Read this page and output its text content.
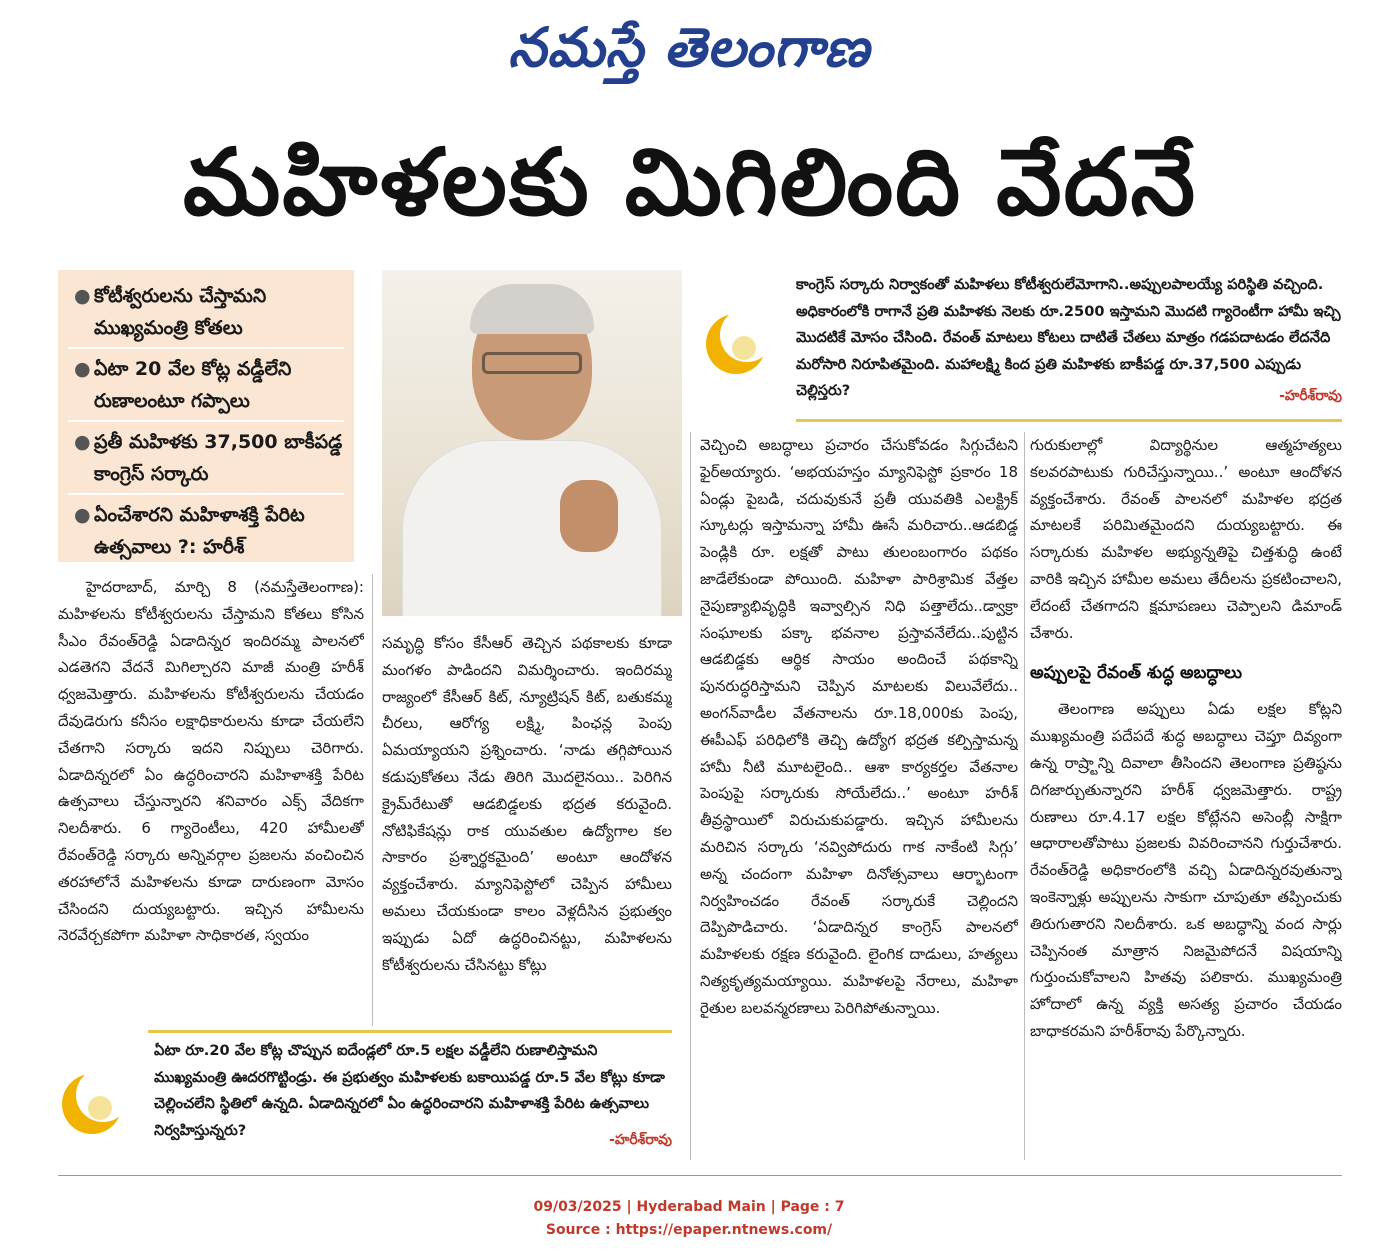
నమస్తే తెలంగాణ
మహిళలకు మిగిలింది వేదనే
● కోటీశ్వరులను చేస్తామని ముఖ్యమంత్రి కోతలు
● ఏటా 20 వేల కోట్ల వడ్డీలేని రుణాలంటూ గప్పాలు
● ప్రతీ మహిళకు 37,500 బాకీపడ్డ కాంగ్రెస్ సర్కారు
● ఏంచేశారని మహిళాశక్తి పేరిట ఉత్సవాలు ?: హరీశ్
కాంగ్రెస్ సర్కారు నిర్వాకంతో మహిళలు కోటీశ్వరులేమోగాని..అప్పులపాలయ్యే పరిస్థితి వచ్చింది. అధికారంలోకి రాగానే ప్రతి మహిళకు నెలకు రూ.2500 ఇస్తామని మొదటి గ్యారెంటీగా హామీ ఇచ్చి మొదటికే మోసం చేసింది. రేవంత్ మాటలు కోటలు దాటితే చేతలు మాత్రం గడపదాటడం లేదనేది మరోసారి నిరూపితమైంది. మహాలక్ష్మి కింద ప్రతి మహిళకు బాకీపడ్డ రూ.37,500 ఎప్పుడు చెల్లిస్తరు?	-హరీశ్‌రావు

హైదరాబాద్, మార్చి 8 (నమస్తేతెలంగాణ): మహిళలను కోటీశ్వరులను చేస్తామని కోతలు కోసిన సీఎం రేవంత్‌రెడ్డి ఏడాదిన్నర ఇందిరమ్మ పాలనలో ఎడతెగని వేదనే మిగిల్చారని మాజీ మంత్రి హరీశ్ ధ్వజమెత్తారు. మహిళలను కోటీశ్వరులను చేయడం దేవుడెరుగు కనీసం లక్షాధికారులను కూడా చేయలేని చేతగాని సర్కారు ఇదని నిప్పులు చెరిగారు. ఏడాదిన్నరలో ఏం ఉద్ధరించారని మహిళాశక్తి పేరిట ఉత్సవాలు చేస్తున్నారని శనివారం ఎక్స్ వేదికగా నిలదీశారు. 6 గ్యారెంటీలు, 420 హామీలతో రేవంత్‌రెడ్డి సర్కారు అన్నివర్గాల ప్రజలను వంచించిన తరహాలోనే మహిళలను కూడా దారుణంగా మోసం చేసిందని దుయ్యబట్టారు. ఇచ్చిన హామీలను నెరవేర్చకపోగా మహిళా సాధికారత, స్వయం

సమృద్ధి కోసం కేసీఆర్ తెచ్చిన పథకాలకు కూడా మంగళం పాడిందని విమర్శించారు. ఇందిరమ్మ రాజ్యంలో కేసీఆర్ కిట్, న్యూట్రిషన్ కిట్, బతుకమ్మ చీరలు, ఆరోగ్య లక్ష్మి, పింఛన్ల పెంపు ఏమయ్యాయని ప్రశ్నించారు. ‘నాడు తగ్గిపోయిన కడుపుకోతలు నేడు తిరిగి మొదలైనయి.. పెరిగిన క్రైమ్‌రేటుతో ఆడబిడ్డలకు భద్రత కరువైంది. నోటిఫికేషన్లు రాక యువతుల ఉద్యోగాల కల సాకారం ప్రశ్నార్థకమైంది’ అంటూ ఆందోళన వ్యక్తంచేశారు. మ్యానిఫెస్టోలో చెప్పిన హామీలు అమలు చేయకుండా కాలం వెళ్లదీసిన ప్రభుత్వం ఇప్పుడు ఏదో ఉద్ధరించినట్టు, మహిళలను కోటీశ్వరులను చేసినట్టు కోట్లు

వెచ్చించి అబద్ధాలు ప్రచారం చేసుకోవడం సిగ్గుచేటని ఫైర్‌అయ్యారు. ‘అభయహస్తం మ్యానిఫెస్టో ప్రకారం 18 ఏండ్లు పైబడి, చదువుకునే ప్రతీ యువతికి ఎలక్ట్రిక్ స్కూటర్లు ఇస్తామన్నా హామీ ఊసే మరిచారు..ఆడబిడ్డ పెండ్లికి రూ. లక్షతో పాటు తులంబంగారం పథకం జాడేలేకుండా పోయింది. మహిళా పారిశ్రామిక వేత్తల నైపుణ్యాభివృద్ధికి ఇవ్వాల్సిన నిధి పత్తాలేదు..డ్వాక్రా సంఘాలకు పక్కా భవనాల ప్రస్తావనేలేదు..పుట్టిన ఆడబిడ్డకు ఆర్థిక సాయం అందించే పథకాన్ని పునరుద్ధరిస్తామని చెప్పిన మాటలకు విలువేలేదు.. అంగన్‌వాడీల వేతనాలను రూ.18,000కు పెంపు, ఈపీఎఫ్ పరిధిలోకి తెచ్చి ఉద్యోగ భద్రత కల్పిస్తామన్న హామీ నీటి మూటలైంది.. ఆశా కార్యకర్తల వేతనాల పెంపుపై సర్కారుకు సోయేలేదు..’ అంటూ హరీశ్ తీవ్రస్థాయిలో విరుచుకుపడ్డారు. ఇచ్చిన హామీలను మరిచిన సర్కారు ‘నవ్విపోదురు గాక నాకేంటి సిగ్గు’ అన్న చందంగా మహిళా దినోత్సవాలు ఆర్భాటంగా నిర్వహించడం రేవంత్ సర్కారుకే చెల్లిందని దెప్పిపొడిచారు. ‘ఏడాదిన్నర కాంగ్రెస్ పాలనలో మహిళలకు రక్షణ కరువైంది. లైంగిక దాడులు, హత్యలు నిత్యకృత్యమయ్యాయి. మహిళలపై నేరాలు, మహిళా రైతుల బలవన్మరణాలు పెరిగిపోతున్నాయి.

గురుకులాల్లో విద్యార్థినుల ఆత్మహత్యలు కలవరపాటుకు గురిచేస్తున్నాయి..’ అంటూ ఆందోళన వ్యక్తంచేశారు. రేవంత్ పాలనలో మహిళల భద్రత మాటలకే పరిమితమైందని దుయ్యబట్టారు. ఈ సర్కారుకు మహిళల అభ్యున్నతిపై చిత్తశుద్ధి ఉంటే వారికి ఇచ్చిన హామీల అమలు తేదీలను ప్రకటించాలని, లేదంటే చేతగాదని క్షమాపణలు చెప్పాలని డిమాండ్ చేశారు.

అప్పులపై రేవంత్ శుద్ధ అబద్ధాలు

తెలంగాణ అప్పులు ఏడు లక్షల కోట్లని ముఖ్యమంత్రి పదేపదే శుద్ధ అబద్ధాలు చెప్తూ దివ్యంగా ఉన్న రాష్ర్టాన్ని దివాలా తీసిందని తెలంగాణ ప్రతిష్ఠను దిగజార్చుతున్నారని హరీశ్ ధ్వజమెత్తారు. రాష్ట్ర రుణాలు రూ.4.17 లక్షల కోట్లేనని అసెంబ్లీ సాక్షిగా ఆధారాలతోపాటు ప్రజలకు వివరించానని గుర్తుచేశారు. రేవంత్‌రెడ్డి అధికారంలోకి వచ్చి ఏడాదిన్నరవుతున్నా ఇంకెన్నాళ్లు అప్పులను సాకుగా చూపుతూ తప్పించుకు తిరుగుతారని నిలదీశారు. ఒక అబద్ధాన్ని వంద సార్లు చెప్పినంత మాత్రాన నిజమైపోదనే విషయాన్ని గుర్తుంచుకోవాలని హితవు పలికారు. ముఖ్యమంత్రి హోదాలో ఉన్న వ్యక్తి అసత్య ప్రచారం చేయడం బాధాకరమని హరీశ్‌రావు పేర్కొన్నారు.

ఏటా రూ.20 వేల కోట్ల చొప్పున ఐదేండ్లలో రూ.5 లక్షల వడ్డీలేని రుణాలిస్తామని ముఖ్యమంత్రి ఊదరగొట్టిండ్రు. ఈ ప్రభుత్వం మహిళలకు బకాయిపడ్డ రూ.5 వేల కోట్లు కూడా చెల్లించలేని స్థితిలో ఉన్నది. ఏడాదిన్నరలో ఏం ఉద్ధరించారని మహిళాశక్తి పేరిట ఉత్సవాలు నిర్వహిస్తున్నరు?
-హరీశ్‌రావు
09/03/2025 | Hyderabad Main | Page : 7
Source : https://epaper.ntnews.com/
